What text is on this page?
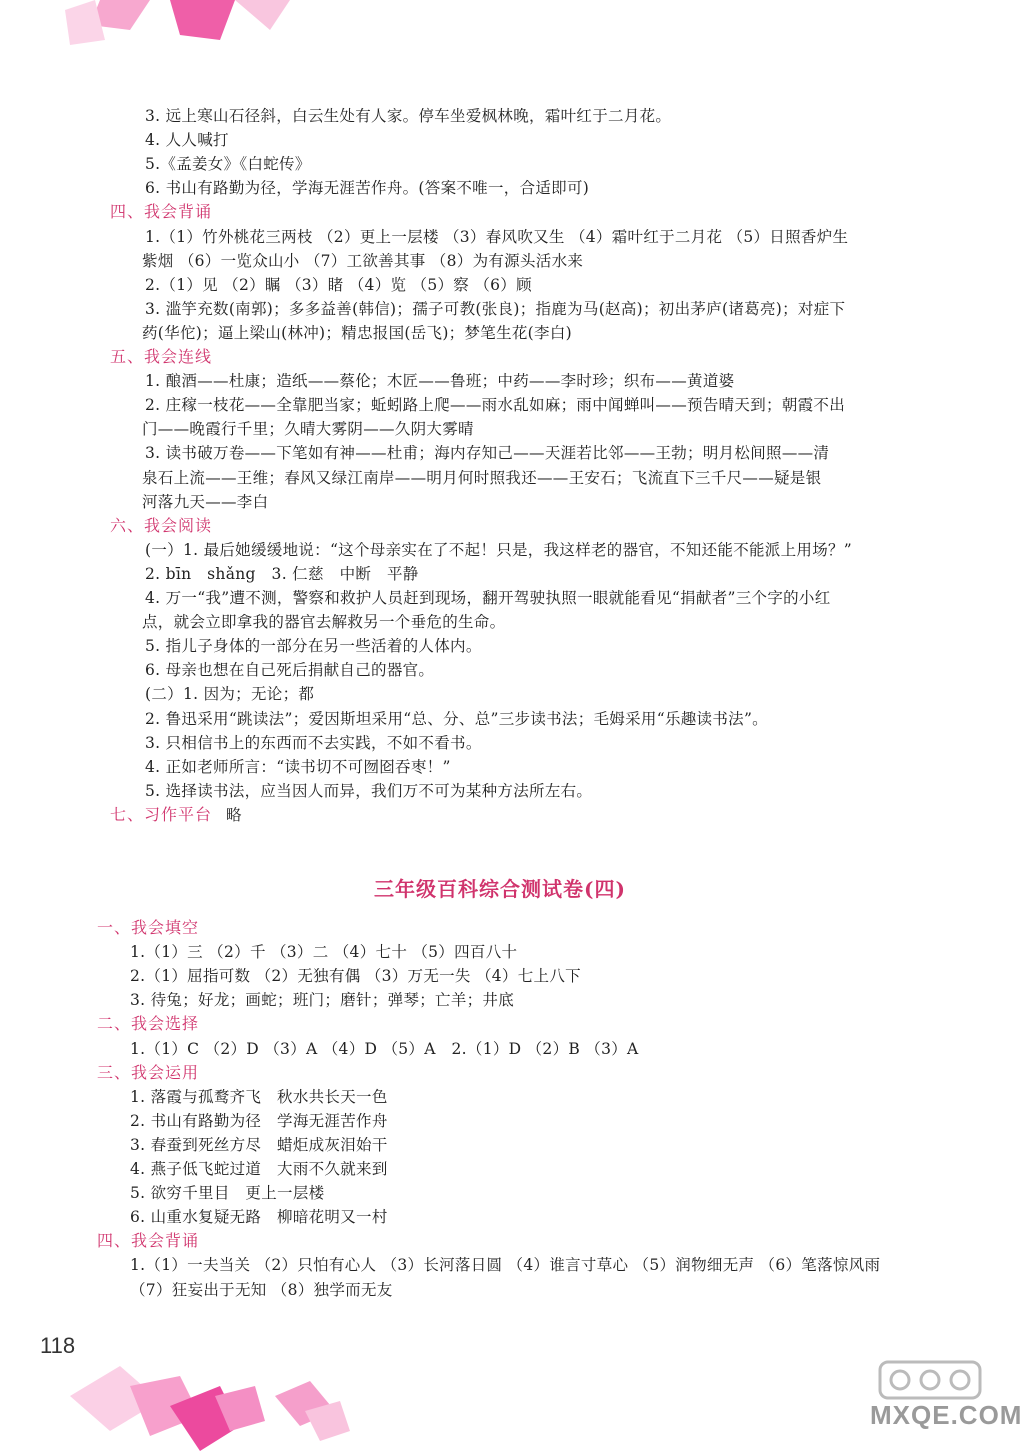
3. 远上寒山石径斜，白云生处有人家。停车坐爱枫林晚，霜叶红于二月花。
4. 人人喊打
5.《孟姜女》《白蛇传》
6. 书山有路勤为径，学海无涯苦作舟。(答案不唯一，合适即可)
四、我会背诵
1.（1）竹外桃花三两枝 （2）更上一层楼 （3）春风吹又生 （4）霜叶红于二月花 （5）日照香炉生
紫烟 （6）一览众山小 （7）工欲善其事 （8）为有源头活水来
2.（1）见 （2）瞩 （3）睹 （4）览 （5）察 （6）顾
3. 滥竽充数(南郭)；多多益善(韩信)；孺子可教(张良)；指鹿为马(赵高)；初出茅庐(诸葛亮)；对症下
药(华佗)；逼上梁山(林冲)；精忠报国(岳飞)；梦笔生花(李白)
五、我会连线
1. 酿酒——杜康；造纸——蔡伦；木匠——鲁班；中药——李时珍；织布——黄道婆
2. 庄稼一枝花——全靠肥当家；蚯蚓路上爬——雨水乱如麻；雨中闻蝉叫——预告晴天到；朝霞不出
门——晚霞行千里；久晴大雾阴——久阴大雾晴
3. 读书破万卷——下笔如有神——杜甫；海内存知己——天涯若比邻——王勃；明月松间照——清
泉石上流——王维；春风又绿江南岸——明月何时照我还——王安石；飞流直下三千尺——疑是银
河落九天——李白
六、我会阅读
(一）1. 最后她缓缓地说：“这个母亲实在了不起！只是，我这样老的器官，不知还能不能派上用场？”
2. bīn　shǎng　3. 仁慈　中断　平静
4. 万一“我”遭不测，警察和救护人员赶到现场，翻开驾驶执照一眼就能看见“捐献者”三个字的小红
点，就会立即拿我的器官去解救另一个垂危的生命。
5. 指儿子身体的一部分在另一些活着的人体内。
6. 母亲也想在自己死后捐献自己的器官。
(二）1. 因为；无论；都
2. 鲁迅采用“跳读法”；爱因斯坦采用“总、分、总”三步读书法；毛姆采用“乐趣读书法”。
3. 只相信书上的东西而不去实践，不如不看书。
4. 正如老师所言：“读书切不可囫囵吞枣！”
5. 选择读书法，应当因人而异，我们万不可为某种方法所左右。
略
七、习作平台
一、我会填空
1.（1）三 （2）千 （3）二 （4）七十 （5）四百八十
2.（1）屈指可数 （2）无独有偶 （3）万无一失 （4）七上八下
3. 待兔；好龙；画蛇；班门；磨针；弹琴；亡羊；井底
二、我会选择
1.（1）C （2）D （3）A （4）D （5）A　2.（1）D （2）B （3）A
三、我会运用
1. 落霞与孤鹜齐飞　秋水共长天一色
2. 书山有路勤为径　学海无涯苦作舟
3. 春蚕到死丝方尽　蜡炬成灰泪始干
4. 燕子低飞蛇过道　大雨不久就来到
5. 欲穷千里目　更上一层楼
6. 山重水复疑无路　柳暗花明又一村
四、我会背诵
1.（1）一夫当关 （2）只怕有心人 （3）长河落日圆 （4）谁言寸草心 （5）润物细无声 （6）笔落惊风雨
（7）狂妄出于无知 （8）独学而无友
三年级百科综合测试卷(四)
118
MXQE.COM
